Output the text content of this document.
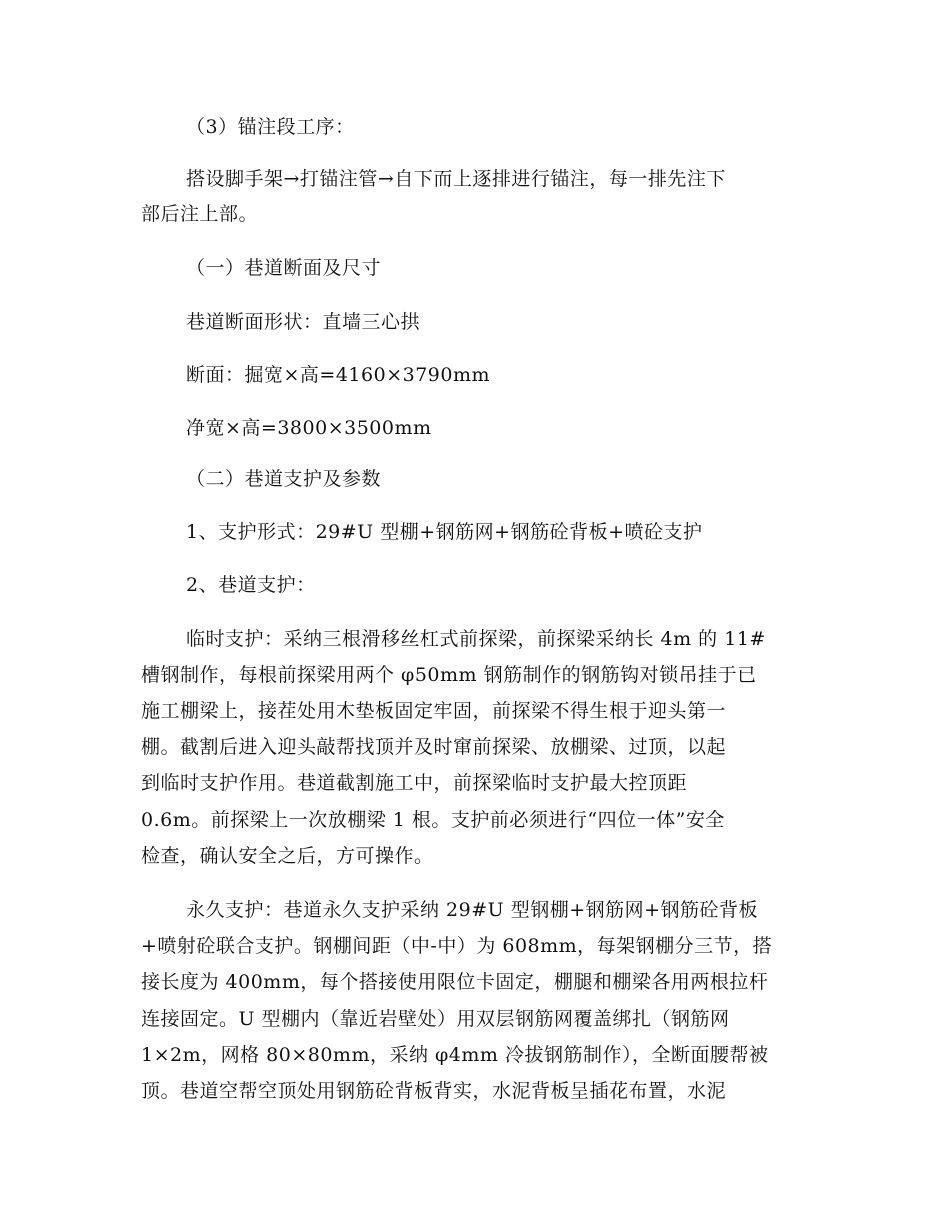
（3）锚注段工序：
搭设脚手架→打锚注管→自下而上逐排进行锚注，每一排先注下
部后注上部。
（一）巷道断面及尺寸
巷道断面形状：直墙三心拱
断面：掘宽×高=4160×3790mm
净宽×高=3800×3500mm
（二）巷道支护及参数
1、支护形式：29#U 型棚+钢筋网+钢筋砼背板+喷砼支护
2、巷道支护：
临时支护：采纳三根滑移丝杠式前探梁，前探梁采纳长 4m 的 11#
槽钢制作，每根前探梁用两个 φ50mm 钢筋制作的钢筋钩对锁吊挂于已
施工棚梁上，接茬处用木垫板固定牢固，前探梁不得生根于迎头第一
棚。截割后进入迎头敲帮找顶并及时窜前探梁、放棚梁、过顶，以起
到临时支护作用。巷道截割施工中，前探梁临时支护最大控顶距
0.6m。前探梁上一次放棚梁 1 根。支护前必须进行“四位一体”安全
检查，确认安全之后，方可操作。
永久支护：巷道永久支护采纳 29#U 型钢棚+钢筋网+钢筋砼背板
+喷射砼联合支护。钢棚间距（中-中）为 608mm，每架钢棚分三节，搭
接长度为 400mm，每个搭接使用限位卡固定，棚腿和棚梁各用两根拉杆
连接固定。U 型棚内（靠近岩壁处）用双层钢筋网覆盖绑扎（钢筋网
1×2m，网格 80×80mm，采纳 φ4mm 冷拔钢筋制作），全断面腰帮被
顶。巷道空帮空顶处用钢筋砼背板背实，水泥背板呈插花布置，水泥
